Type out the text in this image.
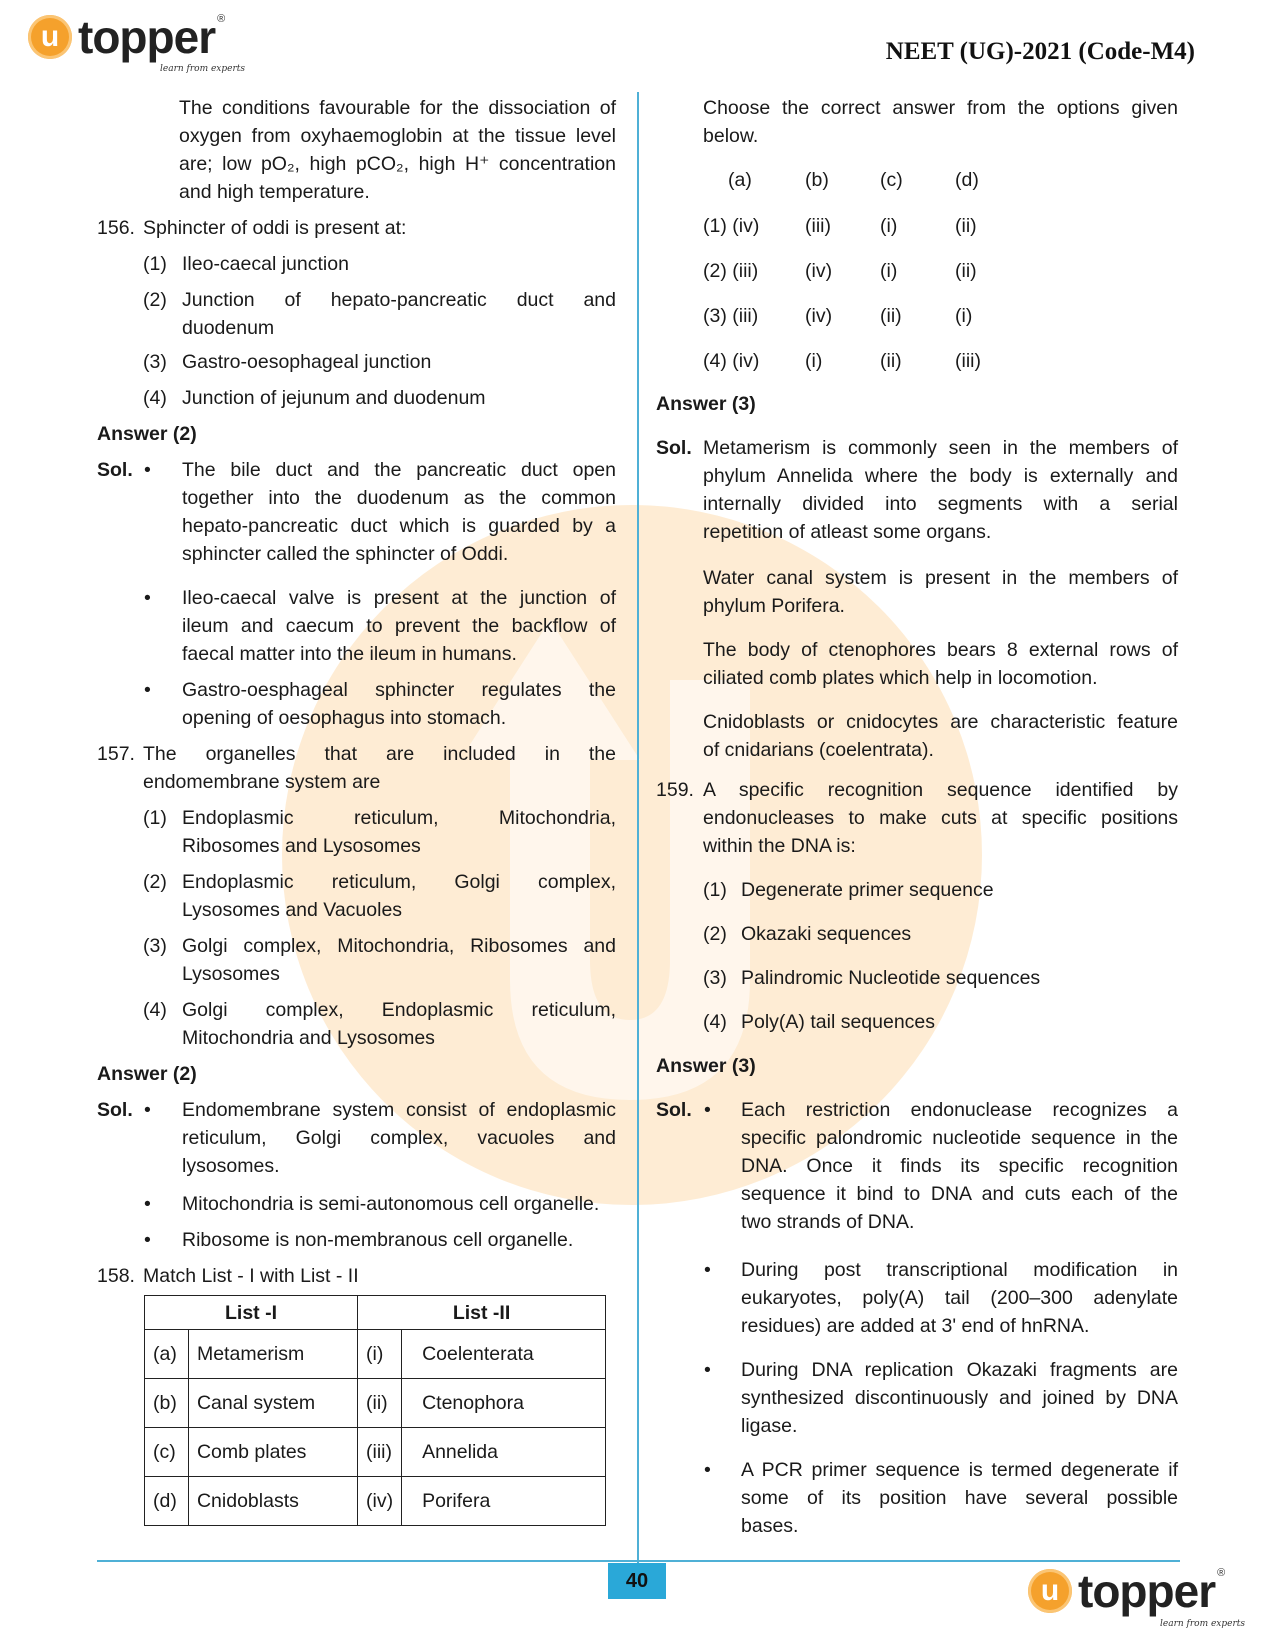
u topper ®
learn from experts
NEET (UG)-2021 (Code-M4)
40	u topper ®
learn from experts
The conditions favourable for the dissociation of
oxygen from oxyhaemoglobin at the tissue level
are; low pO₂, high pCO₂, high H⁺ concentration
and high temperature.
156. Sphincter of oddi is present at:
(1) Ileo-caecal junction
(2) Junction of hepato-pancreatic duct and
duodenum
(3) Gastro-oesophageal junction
(4) Junction of jejunum and duodenum
Answer (2)
Sol. • The bile duct and the pancreatic duct open
together into the duodenum as the common
hepato-pancreatic duct which is guarded by a
sphincter called the sphincter of Oddi.
• Ileo-caecal valve is present at the junction of
ileum and caecum to prevent the backflow of
faecal matter into the ileum in humans.
• Gastro-oesphageal sphincter regulates the
opening of oesophagus into stomach.
157. The organelles that are included in the
endomembrane system are
(1) Endoplasmic reticulum, Mitochondria,
Ribosomes and Lysosomes
(2) Endoplasmic reticulum, Golgi complex,
Lysosomes and Vacuoles
(3) Golgi complex, Mitochondria, Ribosomes and
Lysosomes
(4) Golgi complex, Endoplasmic reticulum,
Mitochondria and Lysosomes
Answer (2)
Sol. • Endomembrane system consist of endoplasmic
reticulum, Golgi complex, vacuoles and
lysosomes.
• Mitochondria is semi-autonomous cell organelle.
• Ribosome is non-membranous cell organelle.
158. Match List - I with List - II
Choose the correct answer from the options given
below.
(a)	(b)	(c)	(d)
(1) (iv)	(iii)	(i)	(ii)
(2) (iii)	(iv)	(i)	(ii)
(3) (iii)	(iv)	(ii)	(i)
(4) (iv)	(i)	(ii)	(iii)
Answer (3)
Sol. Metamerism is commonly seen in the members of
phylum Annelida where the body is externally and
internally divided into segments with a serial
repetition of atleast some organs.
Water canal system is present in the members of
phylum Porifera.
The body of ctenophores bears 8 external rows of
ciliated comb plates which help in locomotion.
Cnidoblasts or cnidocytes are characteristic feature
of cnidarians (coelentrata).
159. A specific recognition sequence identified by
endonucleases to make cuts at specific positions
within the DNA is:
(1) Degenerate primer sequence
(2) Okazaki sequences
(3) Palindromic Nucleotide sequences
(4) Poly(A) tail sequences
Answer (3)
Sol. • Each restriction endonuclease recognizes a
specific palondromic nucleotide sequence in the
DNA. Once it finds its specific recognition
sequence it bind to DNA and cuts each of the
two strands of DNA.
• During post transcriptional modification in
eukaryotes, poly(A) tail (200–300 adenylate
residues) are added at 3' end of hnRNA.
• During DNA replication Okazaki fragments are
synthesized discontinuously and joined by DNA
ligase.
• A PCR primer sequence is termed degenerate if
some of its position have several possible
bases.
List -I		List -II	
(a)	Metamerism	(i)	Coelenterata
(b)	Canal system	(ii)	Ctenophora
(c)	Comb plates	(iii)	Annelida
(d)	Cnidoblasts	(iv)	Porifera
